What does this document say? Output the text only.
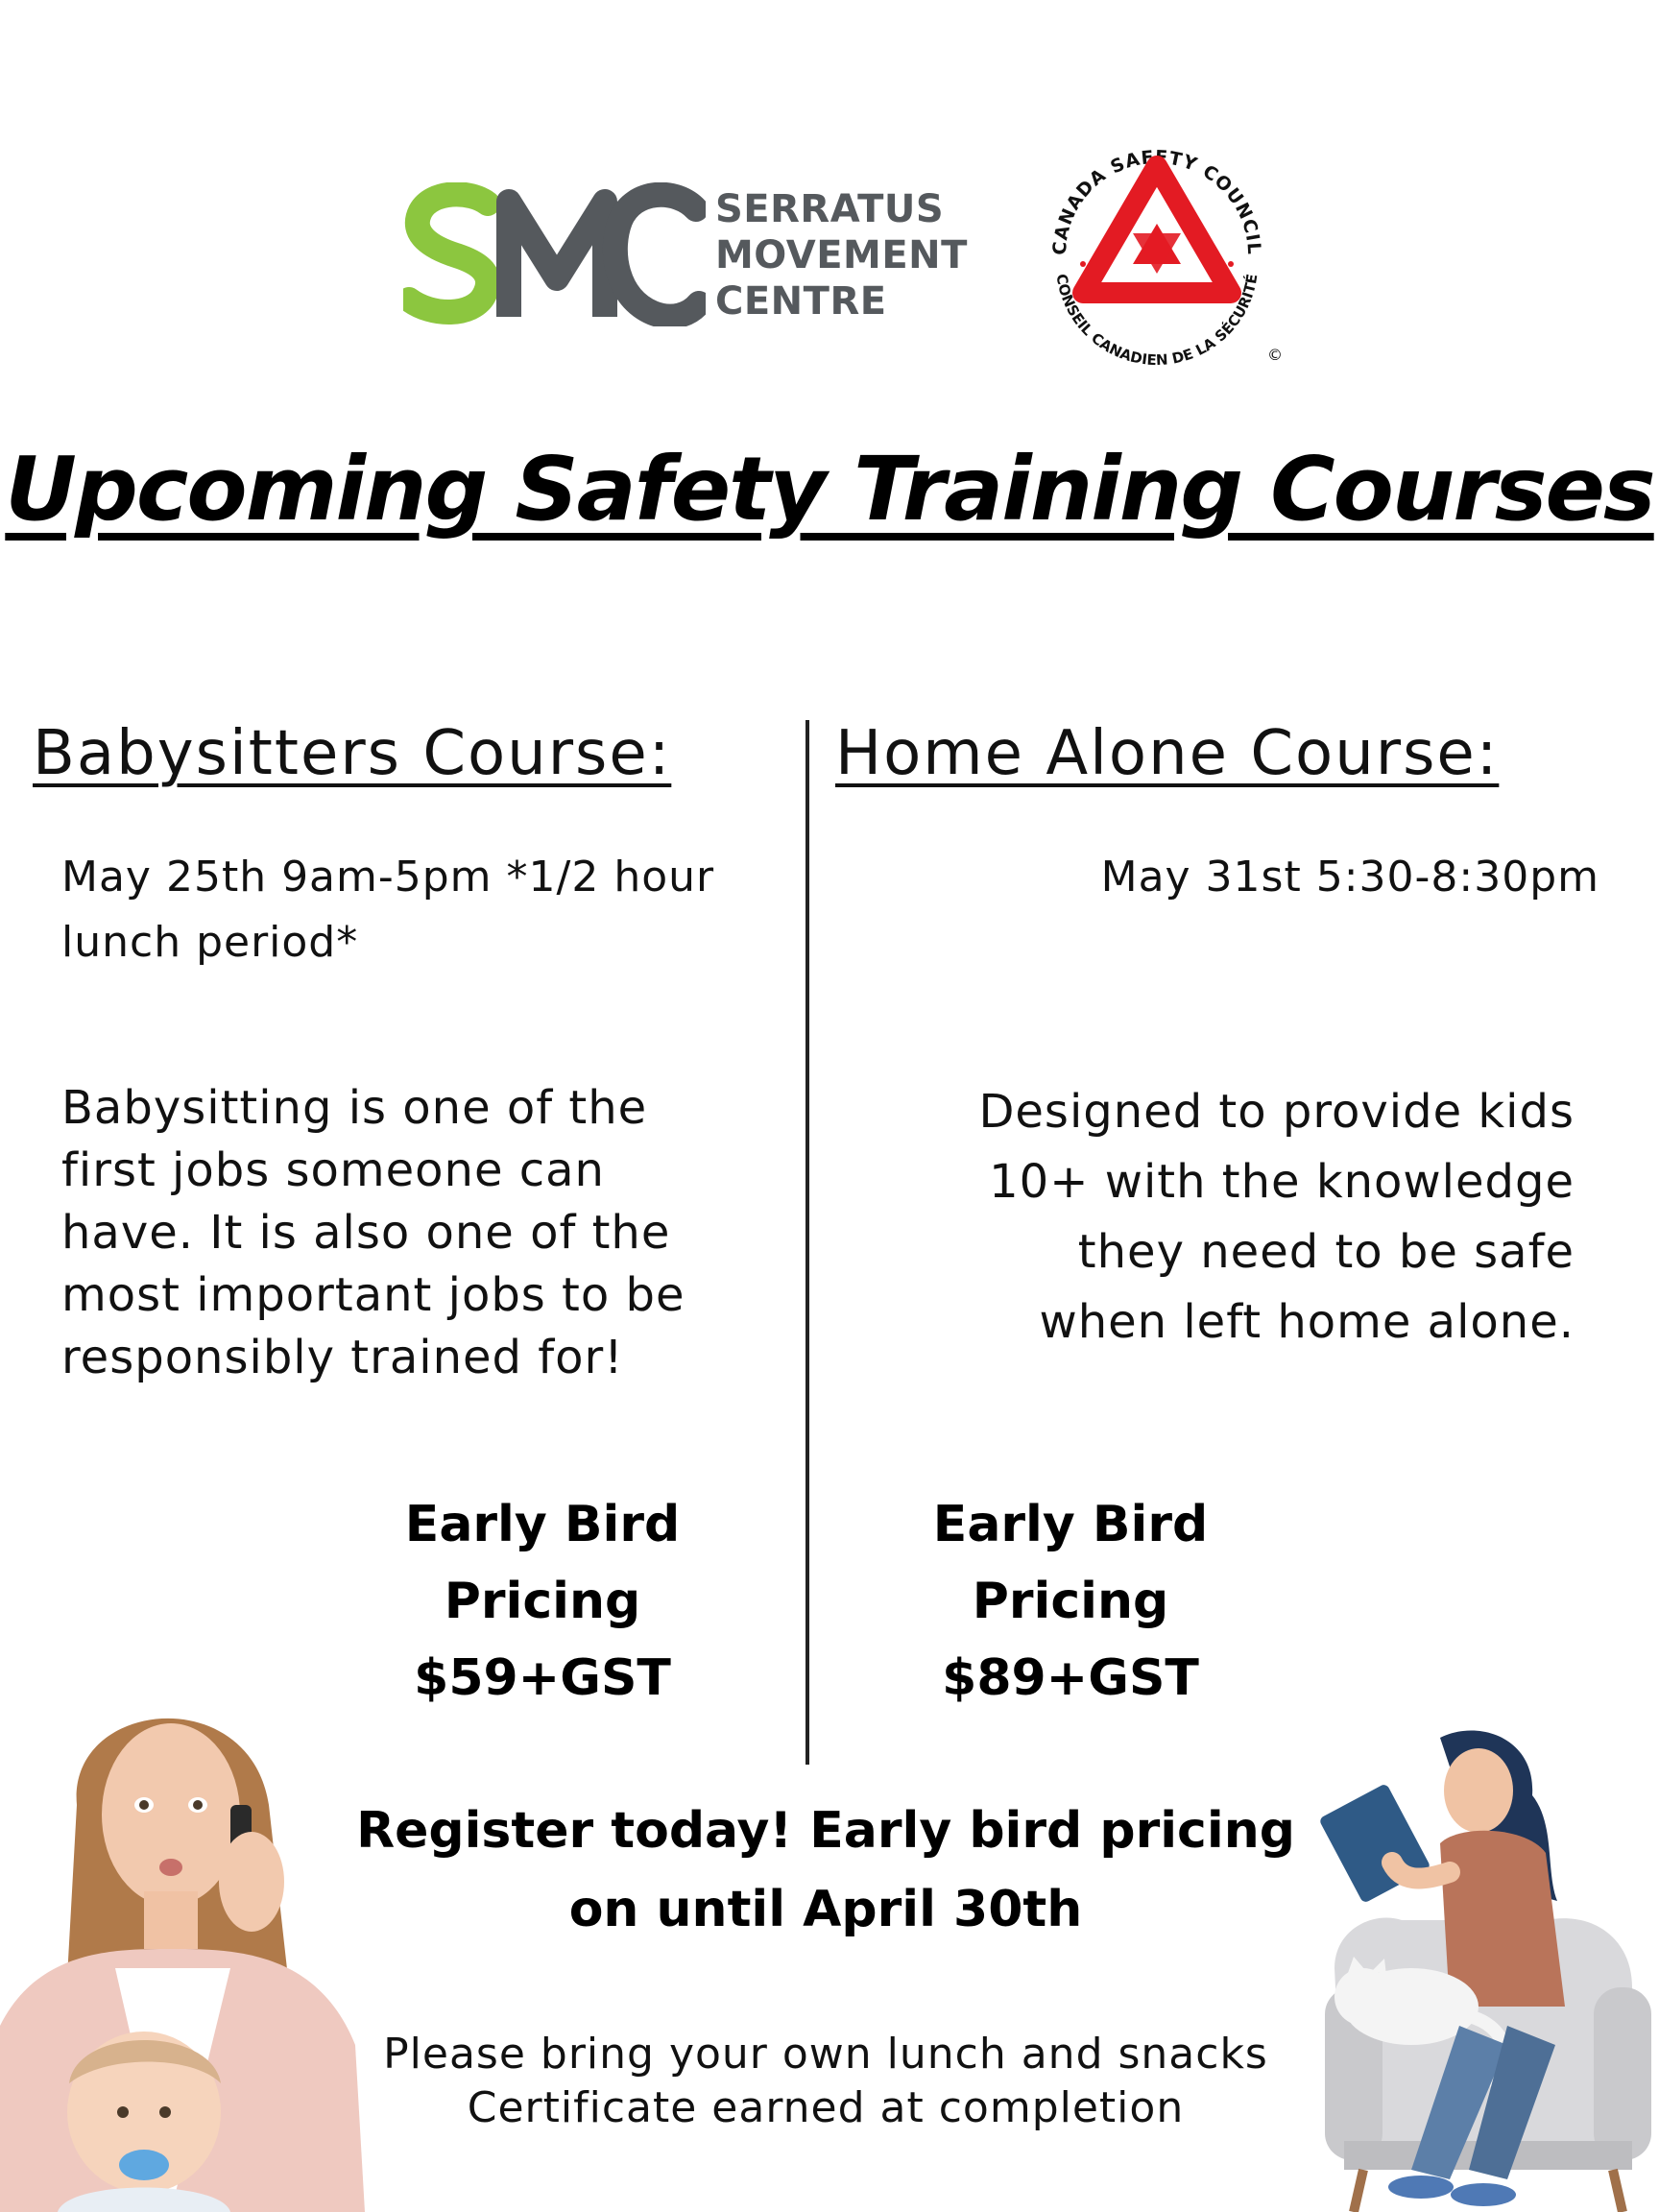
SERRATUS
MOVEMENT
CENTRE
CANADA SAFETY COUNCIL
CONSEIL CANADIEN DE LA SÉCURITÉ
©
Upcoming Safety Training Courses
Babysitters Course:
May 25th 9am-5pm *1/2 hour lunch period*
Babysitting is one of the first jobs someone can have. It is also one of the most important jobs to be responsibly trained for!
Early Bird
Pricing
$59+GST
Home Alone Course:
May 31st 5:30-8:30pm
Designed to provide kids
10+ with the knowledge
they need to be safe
when left home alone.
Early Bird
Pricing
$89+GST
Register today! Early bird pricing
on until April 30th
Please bring your own lunch and snacks
Certificate earned at completion
